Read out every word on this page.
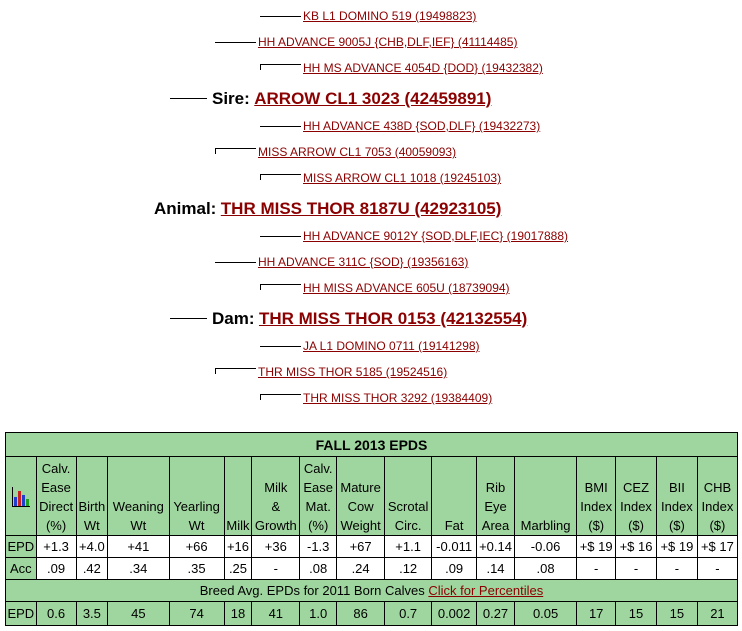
KB L1 DOMINO 519 (19498823)
HH ADVANCE 9005J {CHB,DLF,IEF} (41114485)
HH MS ADVANCE 4054D {DOD} (19432382)
Sire: ARROW CL1 3023 (42459891)
HH ADVANCE 438D {SOD,DLF} (19432273)
MISS ARROW CL1 7053 (40059093)
MISS ARROW CL1 1018 (19245103)
Animal: THR MISS THOR 8187U (42923105)
HH ADVANCE 9012Y {SOD,DLF,IEC} (19017888)
HH ADVANCE 311C {SOD} (19356163)
HH MISS ADVANCE 605U (18739094)
Dam: THR MISS THOR 0153 (42132554)
JA L1 DOMINO 0711 (19141298)
THR MISS THOR 5185 (19524516)
THR MISS THOR 3292 (19384409)
FALL 2013 EPDS																

	Calv.
Ease
Direct
(%)	Birth
Wt	Weaning
Wt	Yearling
Wt	Milk	Milk
&
Growth	Calv.
Ease
Mat.
(%)	Mature
Cow
Weight	Scrotal
Circ.	Fat	Rib
Eye
Area	Marbling	BMI
Index
($)	CEZ
Index
($)	BII
Index
($)	CHB
Index
($)
EPD	+1.3	+4.0	+41	+66	+16	+36	-1.3	+67	+1.1	-0.011	+0.14	-0.06	+$ 19	+$ 16	+$ 19	+$ 17
Acc	.09	.42	.34	.35	.25	-	.08	.24	.12	.09	.14	.08	-	-	-	-
Breed Avg. EPDs for 2011 Born Calves Click for Percentiles																
EPD	0.6	3.5	45	74	18	41	1.0	86	0.7	0.002	0.27	0.05	17	15	15	21
